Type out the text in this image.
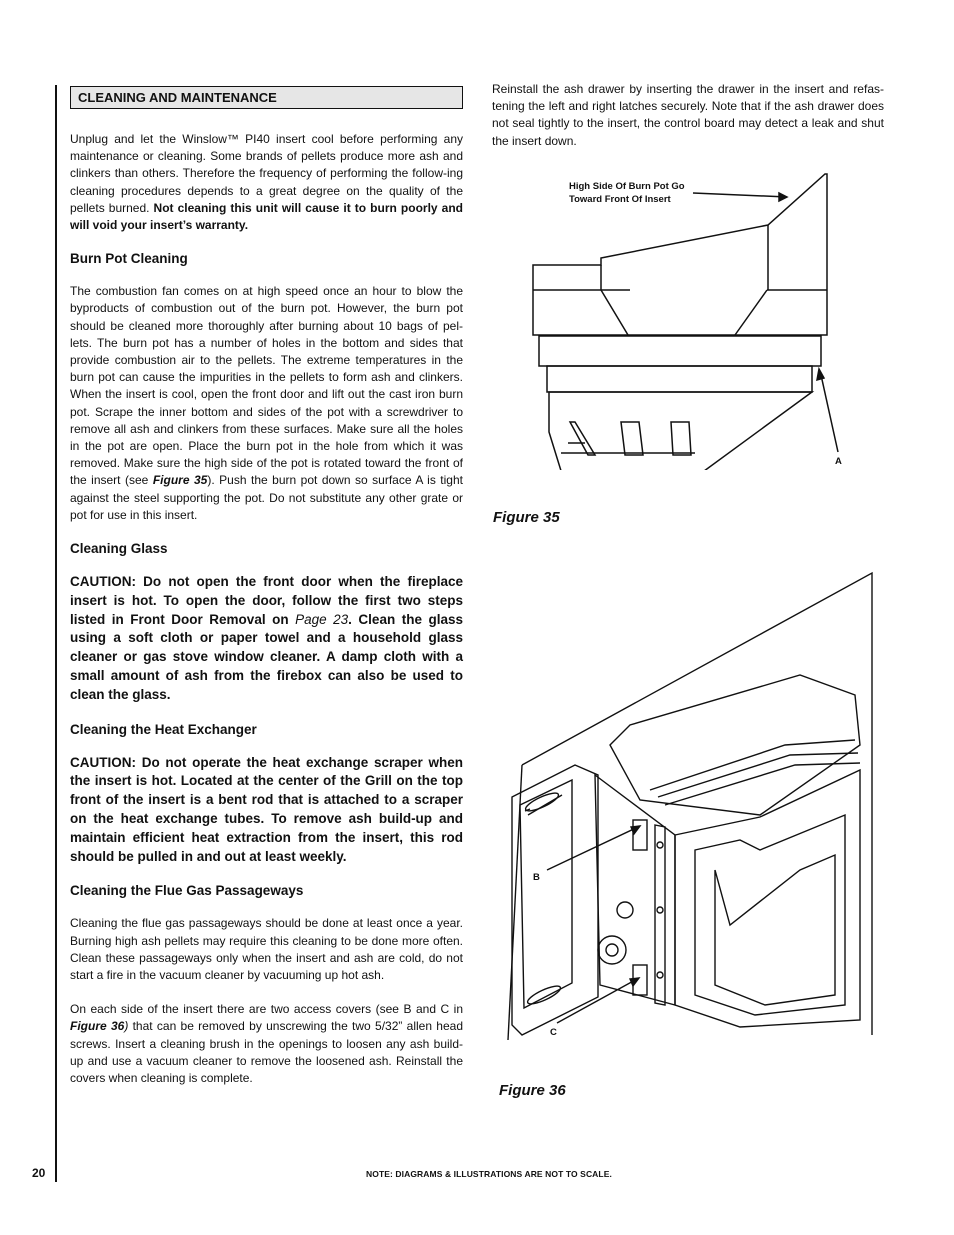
CLEANING AND MAINTENANCE

Unplug and let the Winslow™ PI40 insert cool before performing any maintenance or cleaning. Some brands of pellets produce more ash and clinkers than others. Therefore the frequency of performing the follow-ing cleaning procedures depends to a great degree on the quality of the pellets burned. Not cleaning this unit will cause it to burn poorly and will void your insert’s warranty.

Burn Pot Cleaning

The combustion fan comes on at high speed once an hour to blow the byproducts of combustion out of the burn pot. However, the burn pot should be cleaned more thoroughly after burning about 10 bags of pel-lets. The burn pot has a number of holes in the bottom and sides that provide combustion air to the pellets. The extreme temperatures in the burn pot can cause the impurities in the pellets to form ash and clinkers. When the insert is cool, open the front door and lift out the cast iron burn pot. Scrape the inner bottom and sides of the pot with a screwdriver to remove all ash and clinkers from these surfaces. Make sure all the holes in the pot are open. Place the burn pot in the hole from which it was removed. Make sure the high side of the pot is rotated toward the front of the insert (see Figure 35). Push the burn pot down so surface A is tight against the steel supporting the pot. Do not substitute any other grate or pot for use in this insert.

Cleaning Glass

CAUTION: Do not open the front door when the fireplace insert is hot. To open the door, follow the first two steps listed in Front Door Removal on Page 23. Clean the glass using a soft cloth or paper towel and a household glass cleaner or gas stove window cleaner. A damp cloth with a small amount of ash from the firebox can also be used to clean the glass.

Cleaning the Heat Exchanger

CAUTION: Do not operate the heat exchange scraper when the insert is hot. Located at the center of the Grill on the top front of the insert is a bent rod that is attached to a scraper on the heat exchange tubes. To remove ash build-up and maintain efficient heat extraction from the insert, this rod should be pulled in and out at least weekly.

Cleaning the Flue Gas Passageways

Cleaning the flue gas passageways should be done at least once a year. Burning high ash pellets may require this cleaning to be done more often. Clean these passageways only when the insert and ash are cold, do not start a fire in the vacuum cleaner by vacuuming up hot ash.

On each side of the insert there are two access covers (see B and C in Figure 36) that can be removed by unscrewing the two 5/32” allen head screws. Insert a cleaning brush in the openings to loosen any ash build-up and use a vacuum cleaner to remove the loosened ash. Reinstall the covers when cleaning is complete.

Reinstall the ash drawer by inserting the drawer in the insert and refas-tening the left and right latches securely. Note that if the ash drawer does not seal tightly to the insert, the control board may detect a leak and shut the insert down.

High Side Of Burn Pot Go
Toward Front Of Insert
A
Figure 35
B
C
Figure 36
20	NOTE: DIAGRAMS & ILLUSTRATIONS ARE NOT TO SCALE.
